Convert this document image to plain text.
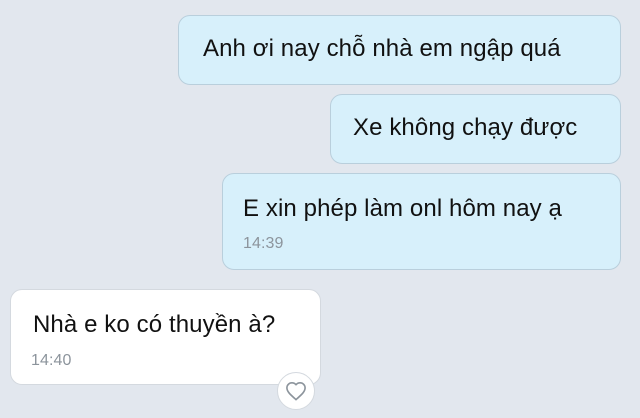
Anh ơi nay chỗ nhà em ngập quá
Xe không chạy được
E xin phép làm onl hôm nay ạ
14:39
Nhà e ko có thuyền à?
14:40
